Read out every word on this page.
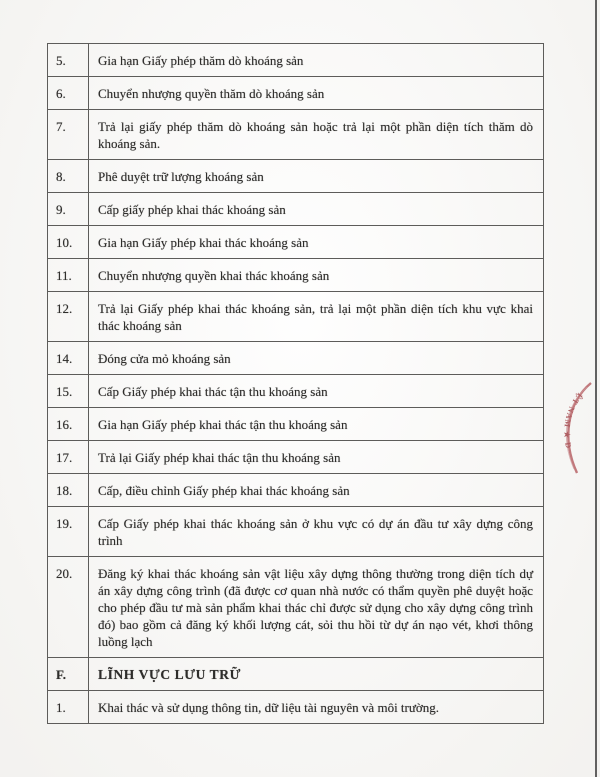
5.	Gia hạn Giấy phép thăm dò khoáng sản
6.	Chuyển nhượng quyền thăm dò khoáng sản
7.	Trả lại giấy phép thăm dò khoáng sản hoặc trả lại một phần diện tích thăm dò khoáng sản.
8.	Phê duyệt trữ lượng khoáng sản
9.	Cấp giấy phép khai thác khoáng sản
10.	Gia hạn Giấy phép khai thác khoáng sản
11.	Chuyển nhượng quyền khai thác khoáng sản
12.	Trả lại Giấy phép khai thác khoáng sản, trả lại một phần diện tích khu vực khai thác khoáng sản
14.	Đóng cửa mỏ khoáng sản
15.	Cấp Giấy phép khai thác tận thu khoáng sản
16.	Gia hạn Giấy phép khai thác tận thu khoáng sản
17.	Trả lại Giấy phép khai thác tận thu khoáng sản
18.	Cấp, điều chỉnh Giấy phép khai thác khoáng sản
19.	Cấp Giấy phép khai thác khoáng sản ở khu vực có dự án đầu tư xây dựng công trình
20.	Đăng ký khai thác khoáng sản vật liệu xây dựng thông thường trong diện tích dự án xây dựng công trình (đã được cơ quan nhà nước có thẩm quyền phê duyệt hoặc cho phép đầu tư mà sản phẩm khai thác chỉ được sử dụng cho xây dựng công trình đó) bao gồm cả đăng ký khối lượng cát, sỏi thu hồi từ dự án nạo vét, khơi thông luồng lạch
F.	LĨNH VỰC LƯU TRỮ
1.	Khai thác và sử dụng thông tin, dữ liệu tài nguyên và môi trường.
ỆT NAM ★ Đ
